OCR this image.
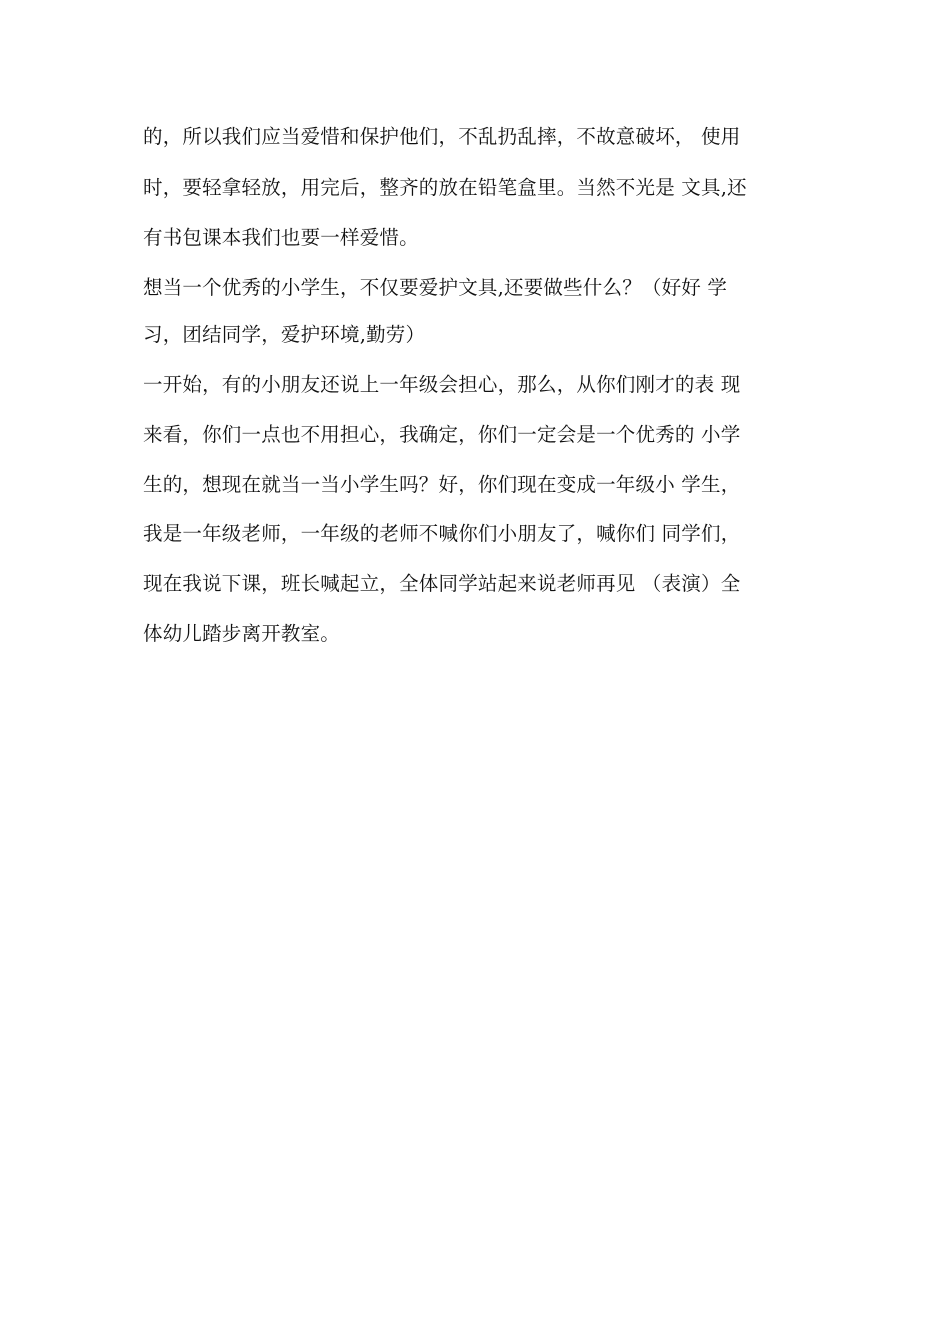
的，所以我们应当爱惜和保护他们，不乱扔乱摔，不故意破坏， 使用
时，要轻拿轻放，用完后，整齐的放在铅笔盒里。当然不光是 文具,还
有书包课本我们也要一样爱惜。
想当一个优秀的小学生，不仅要爱护文具,还要做些什么？（好好 学
习，团结同学，爱护环境,勤劳）
一开始，有的小朋友还说上一年级会担心，那么，从你们刚才的表 现
来看，你们一点也不用担心，我确定，你们一定会是一个优秀的 小学
生的，想现在就当一当小学生吗？好，你们现在变成一年级小 学生，
我是一年级老师，一年级的老师不喊你们小朋友了，喊你们 同学们，
现在我说下课，班长喊起立，全体同学站起来说老师再见 （表演）全
体幼儿踏步离开教室。
